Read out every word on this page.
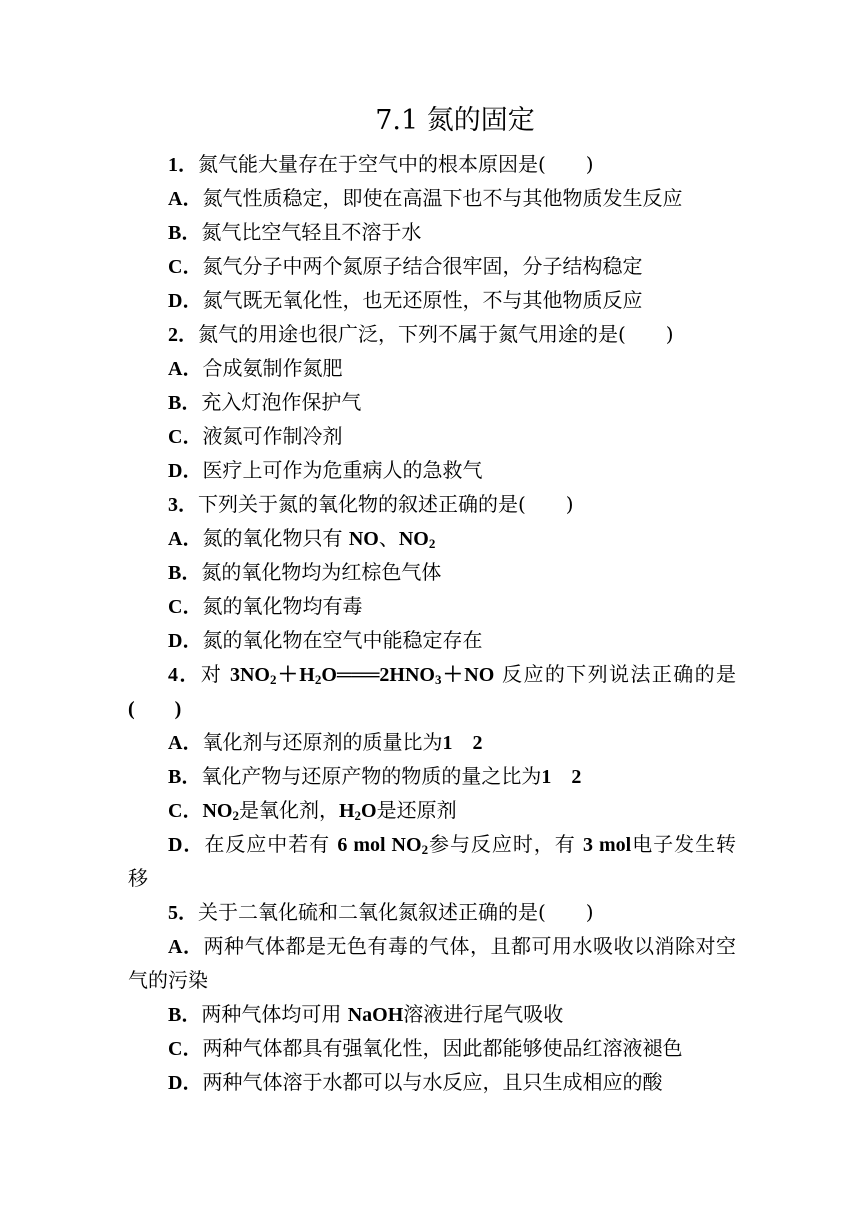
7.1 氮的固定
1．氮气能大量存在于空气中的根本原因是(　　)
A．氮气性质稳定，即使在高温下也不与其他物质发生反应
B．氮气比空气轻且不溶于水
C．氮气分子中两个氮原子结合很牢固，分子结构稳定
D．氮气既无氧化性，也无还原性，不与其他物质反应
2．氮气的用途也很广泛，下列不属于氮气用途的是(　　)
A．合成氨制作氮肥
B．充入灯泡作保护气
C．液氮可作制冷剂
D．医疗上可作为危重病人的急救气
3．下列关于氮的氧化物的叙述正确的是(　　)
A．氮的氧化物只有 NO、$NO_2$
B．氮的氧化物均为红棕色气体
C．氮的氧化物均有毒
D．氮的氧化物在空气中能稳定存在
4．对 $3NO_2+H_2O═══2HNO_3+NO$ 反应的下列说法正确的是
(　　)
A．氧化剂与还原剂的质量比为1　2
B．氧化产物与还原产物的物质的量之比为1　2
C．$NO_2$是氧化剂，$H_2O$是还原剂
D．在反应中若有 6 mol $NO_2$参与反应时，有 3 mol电子发生转
移
5．关于二氧化硫和二氧化氮叙述正确的是(　　)
A．两种气体都是无色有毒的气体，且都可用水吸收以消除对空
气的污染
B．两种气体均可用 NaOH溶液进行尾气吸收
C．两种气体都具有强氧化性，因此都能够使品红溶液褪色
D．两种气体溶于水都可以与水反应，且只生成相应的酸
